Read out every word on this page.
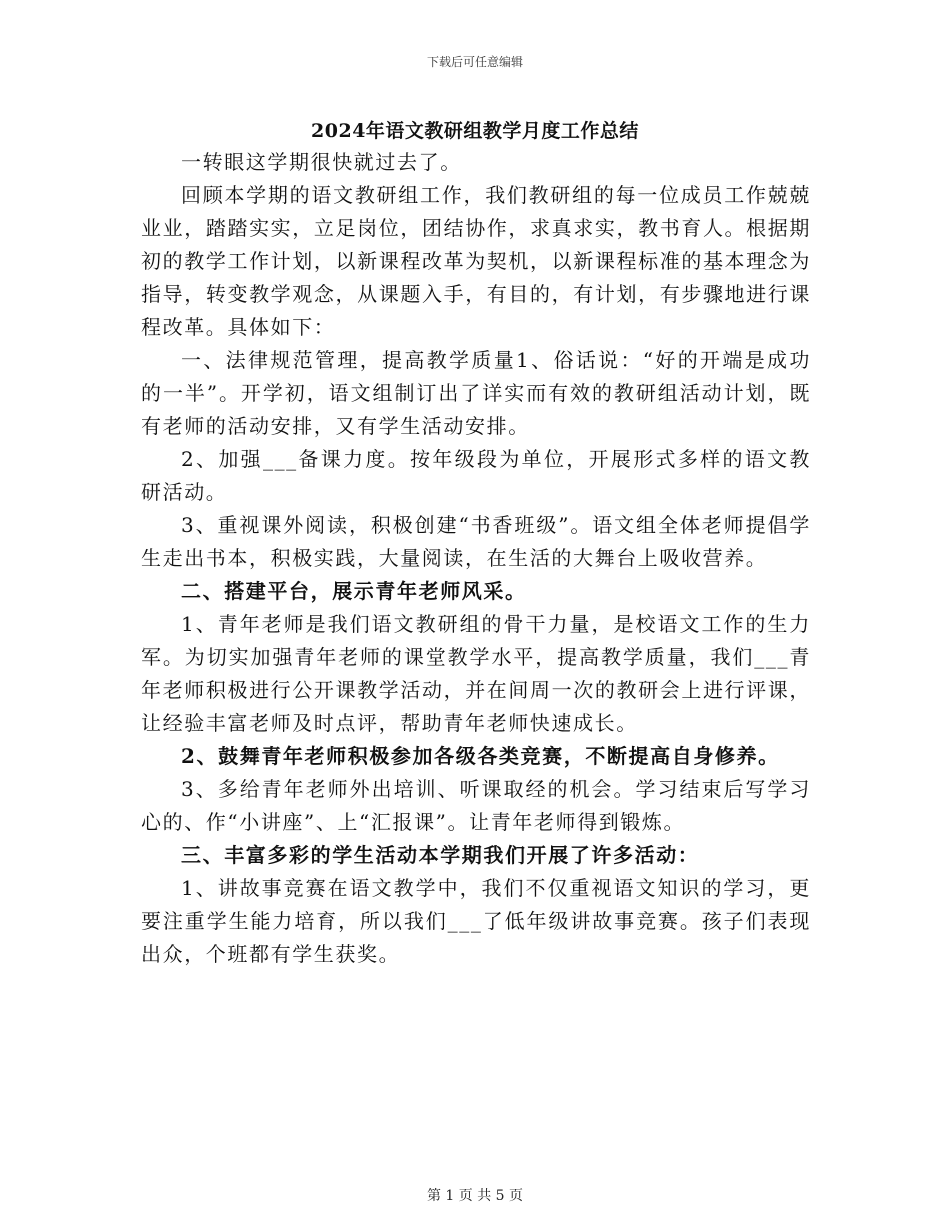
下载后可任意编辑
2024年语文教研组教学月度工作总结

一转眼这学期很快就过去了。

回顾本学期的语文教研组工作，我们教研组的每一位成员工作兢兢业业，踏踏实实，立足岗位，团结协作，求真求实，教书育人。根据期初的教学工作计划，以新课程改革为契机，以新课程标准的基本理念为指导，转变教学观念，从课题入手，有目的，有计划，有步骤地进行课程改革。具体如下：

一、法律规范管理，提高教学质量1、俗话说：“好的开端是成功的一半”。开学初，语文组制订出了详实而有效的教研组活动计划，既有老师的活动安排，又有学生活动安排。

2、加强___备课力度。按年级段为单位，开展形式多样的语文教研活动。

3、重视课外阅读，积极创建“书香班级”。语文组全体老师提倡学生走出书本，积极实践，大量阅读，在生活的大舞台上吸收营养。

二、搭建平台，展示青年老师风采。

1、青年老师是我们语文教研组的骨干力量，是校语文工作的生力军。为切实加强青年老师的课堂教学水平，提高教学质量，我们___青年老师积极进行公开课教学活动，并在间周一次的教研会上进行评课，让经验丰富老师及时点评，帮助青年老师快速成长。

2、鼓舞青年老师积极参加各级各类竞赛，不断提高自身修养。

3、多给青年老师外出培训、听课取经的机会。学习结束后写学习心的、作“小讲座”、上“汇报课”。让青年老师得到锻炼。

三、丰富多彩的学生活动本学期我们开展了许多活动：

1、讲故事竞赛在语文教学中，我们不仅重视语文知识的学习，更要注重学生能力培育，所以我们___了低年级讲故事竞赛。孩子们表现出众，个班都有学生获奖。

第 1 页 共 5 页
